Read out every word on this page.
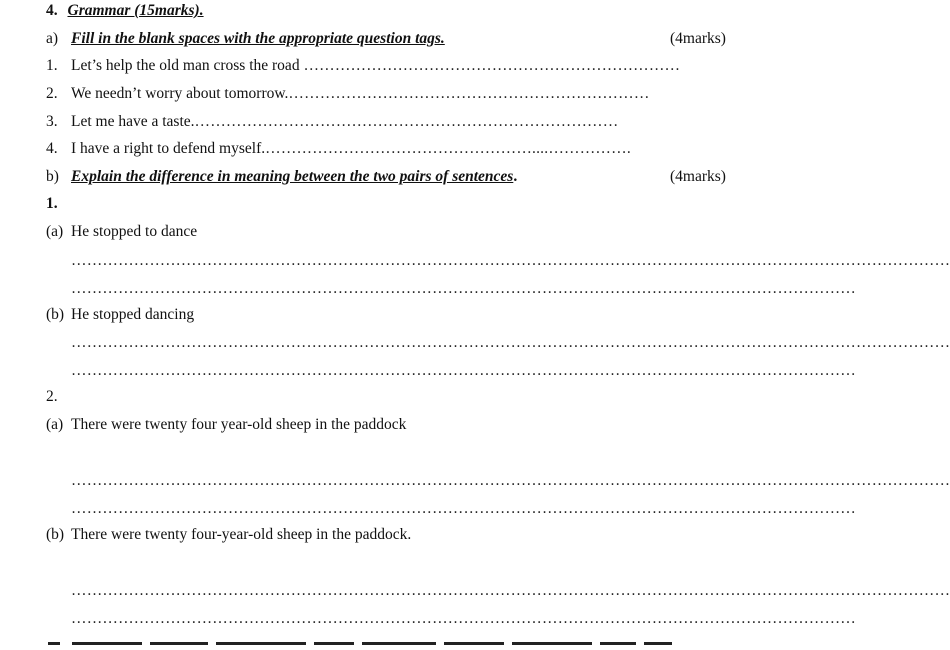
4. Grammar (15marks).
a) Fill in the blank spaces with the appropriate question tags.	(4marks)
1. Let’s help the old man cross the road ………………………………………………………………
2. We needn’t worry about tomorrow.……………………………………………………………
3. Let me have a taste.………………………………………………………………………
4. I have a right to defend myself.……………………………………………....…………….
b) Explain the difference in meaning between the two pairs of sentences.	(4marks)
1.
(a) He stopped to dance
……………………………………………………………………………………………………………………………………………………
……………………………………………………………………………………………………………………………………
(b) He stopped dancing
……………………………………………………………………………………………………………………………………………………
……………………………………………………………………………………………………………………………………
2.
(a) There were twenty four year-old sheep in the paddock
……………………………………………………………………………………………………………………………………………………
……………………………………………………………………………………………………………………………………
(b) There were twenty four-year-old sheep in the paddock.
……………………………………………………………………………………………………………………………………………………
……………………………………………………………………………………………………………………………………
